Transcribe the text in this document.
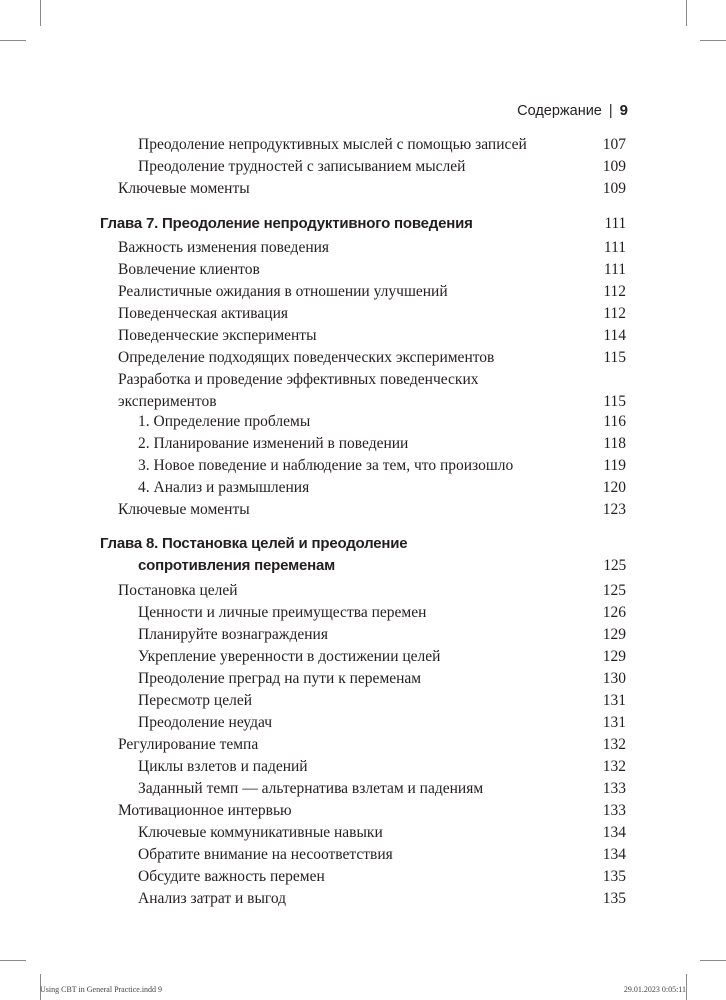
Содержание | 9
Преодоление непродуктивных мыслей с помощью записей	107
Преодоление трудностей с записыванием мыслей	109
Ключевые моменты	109
Глава 7. Преодоление непродуктивного поведения	111
Важность изменения поведения	111
Вовлечение клиентов	111
Реалистичные ожидания в отношении улучшений	112
Поведенческая активация	112
Поведенческие эксперименты	114
Определение подходящих поведенческих экспериментов	115
Разработка и проведение эффективных поведенческих
экспериментов	115
1. Определение проблемы	116
2. Планирование изменений в поведении	118
3. Новое поведение и наблюдение за тем, что произошло	119
4. Анализ и размышления	120
Ключевые моменты	123
Глава 8. Постановка целей и преодоление
сопротивления переменам	125
Постановка целей	125
Ценности и личные преимущества перемен	126
Планируйте вознаграждения	129
Укрепление уверенности в достижении целей	129
Преодоление преград на пути к переменам	130
Пересмотр целей	131
Преодоление неудач	131
Регулирование темпа	132
Циклы взлетов и падений	132
Заданный темп — альтернатива взлетам и падениям	133
Мотивационное интервью	133
Ключевые коммуникативные навыки	134
Обратите внимание на несоответствия	134
Обсудите важность перемен	135
Анализ затрат и выгод	135
Using CBT in General Practice.indd 9	29.01.2023 0:05:11
